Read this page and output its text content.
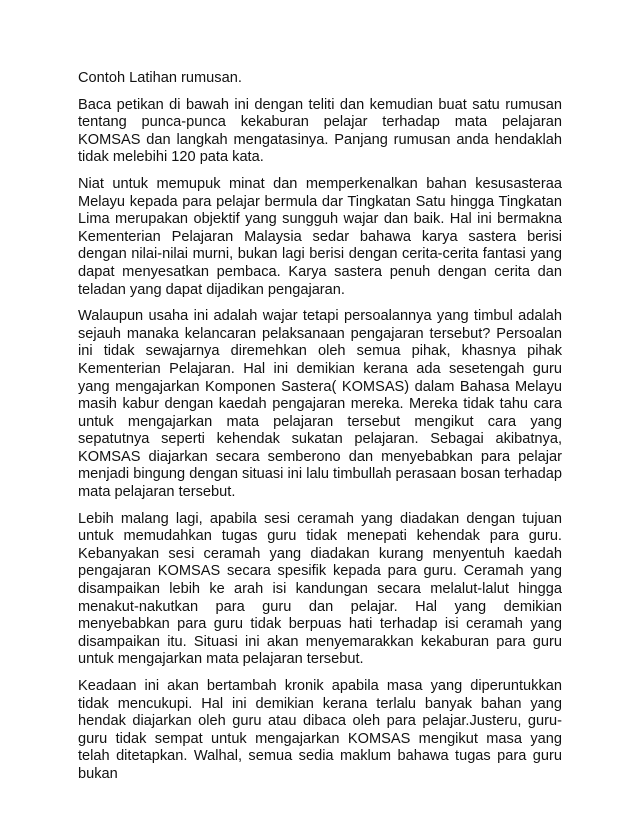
Contoh Latihan rumusan.

Baca petikan di bawah ini dengan teliti dan kemudian buat satu rumusan tentang punca-punca kekaburan pelajar terhadap mata pelajaran KOMSAS dan langkah mengatasinya. Panjang rumusan anda hendaklah tidak melebihi 120 pata kata.

Niat untuk memupuk minat dan memperkenalkan bahan kesusasteraa Melayu kepada para pelajar bermula dar Tingkatan Satu hingga Tingkatan Lima merupakan objektif yang sungguh wajar dan baik. Hal ini bermakna Kementerian Pelajaran Malaysia sedar bahawa karya sastera berisi dengan nilai-nilai murni, bukan lagi berisi dengan cerita-cerita fantasi yang dapat menyesatkan pembaca. Karya sastera penuh dengan cerita dan teladan yang dapat dijadikan pengajaran.

Walaupun usaha ini adalah wajar tetapi persoalannya yang timbul adalah sejauh manaka kelancaran pelaksanaan pengajaran tersebut? Persoalan ini tidak sewajarnya diremehkan oleh semua pihak, khasnya pihak Kementerian Pelajaran. Hal ini demikian kerana ada sesetengah guru yang mengajarkan Komponen Sastera( KOMSAS) dalam Bahasa Melayu masih kabur dengan kaedah pengajaran mereka. Mereka tidak tahu cara untuk mengajarkan mata pelajaran tersebut mengikut cara yang sepatutnya seperti kehendak sukatan pelajaran. Sebagai akibatnya, KOMSAS diajarkan secara semberono dan menyebabkan para pelajar menjadi bingung dengan situasi ini lalu timbullah perasaan bosan terhadap mata pelajaran tersebut.

Lebih malang lagi, apabila sesi ceramah yang diadakan dengan tujuan untuk memudahkan tugas guru tidak menepati kehendak para guru. Kebanyakan sesi ceramah yang diadakan kurang menyentuh kaedah pengajaran KOMSAS secara spesifik kepada para guru. Ceramah yang disampaikan lebih ke arah isi kandungan secara melalut-lalut hingga menakut-nakutkan para guru dan pelajar. Hal yang demikian menyebabkan para guru tidak berpuas hati terhadap isi ceramah yang disampaikan itu. Situasi ini akan menyemarakkan kekaburan para guru untuk mengajarkan mata pelajaran tersebut.

Keadaan ini akan bertambah kronik apabila masa yang diperuntukkan tidak mencukupi. Hal ini demikian kerana terlalu banyak bahan yang hendak diajarkan oleh guru atau dibaca oleh para pelajar.Justeru, guru-guru tidak sempat untuk mengajarkan KOMSAS mengikut masa yang telah ditetapkan. Walhal, semua sedia maklum bahawa tugas para guru bukan
